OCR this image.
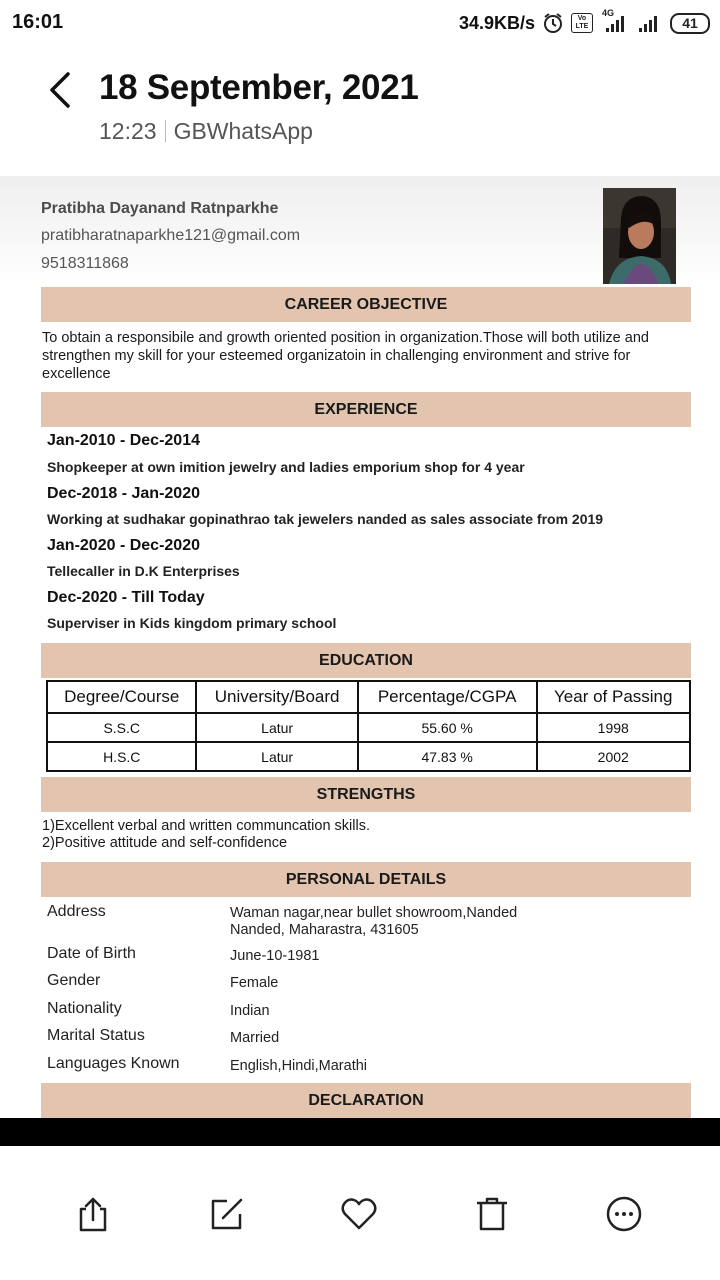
16:01	34.9KB/s	Vo
LTE
4G
41
18 September, 2021
12:23 GBWhatsApp
Pratibha Dayanand Ratnparkhe
pratibharatnaparkhe121@gmail.com
9518311868
CAREER OBJECTIVE
To obtain a responsibile and growth oriented position in organization.Those will both utilize and strengthen my skill for your esteemed organizatoin in challenging environment and strive for excellence
EXPERIENCE
Jan-2010 - Dec-2014
Shopkeeper at own imition jewelry and ladies emporium shop for 4 year
Dec-2018 - Jan-2020
Working at sudhakar gopinathrao tak jewelers nanded as sales associate from 2019
Jan-2020 - Dec-2020
Tellecaller in D.K Enterprises
Dec-2020 - Till Today
Superviser in Kids kingdom primary school
EDUCATION
Degree/Course	University/Board	Percentage/CGPA	Year of Passing
S.S.C	Latur	55.60 %	1998
H.S.C	Latur	47.83 %	2002
STRENGTHS
1)Excellent verbal and written communcation skills.
2)Positive attitude and self-confidence
PERSONAL DETAILS
Address	Waman nagar,near bullet showroom,Nanded
Nanded, Maharastra, 431605
Date of Birth	June-10-1981
Gender	Female
Nationality	Indian
Marital Status	Married
Languages Known	English,Hindi,Marathi
DECLARATION
